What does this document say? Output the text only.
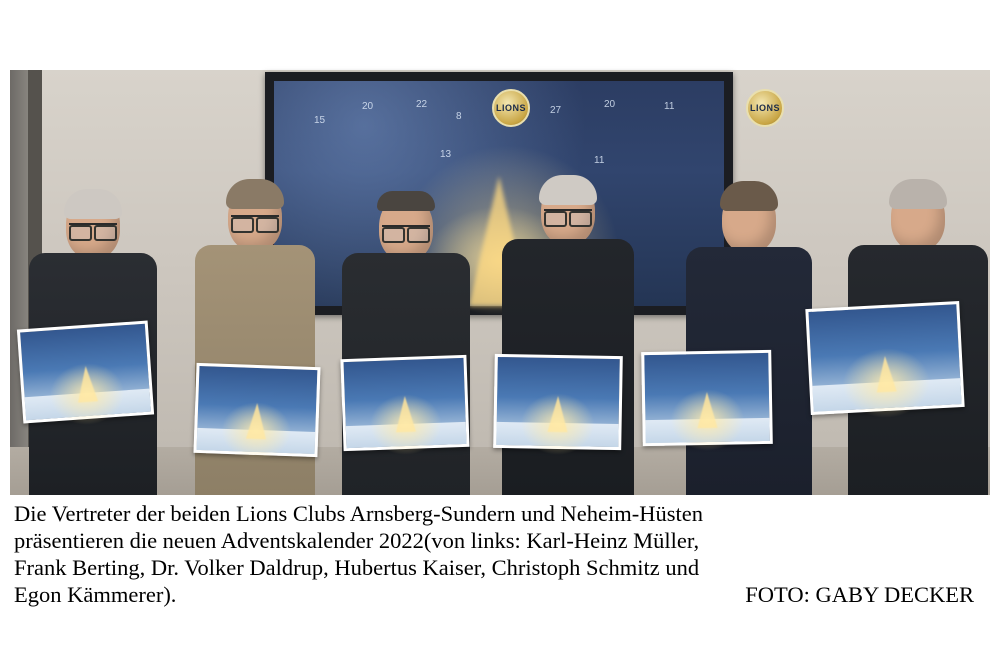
LIONS	LIONS
15
20	22
8
13
27
20	11
11

Die Vertreter der beiden Lions Clubs Arnsberg-Sundern und Neheim-Hüsten

präsentieren die neuen Adventskalender 2022(von links: Karl-Heinz Müller,

Frank Berting, Dr. Volker Daldrup, Hubertus Kaiser, Christoph Schmitz und

Egon Kämmerer).	FOTO: GABY DECKER
